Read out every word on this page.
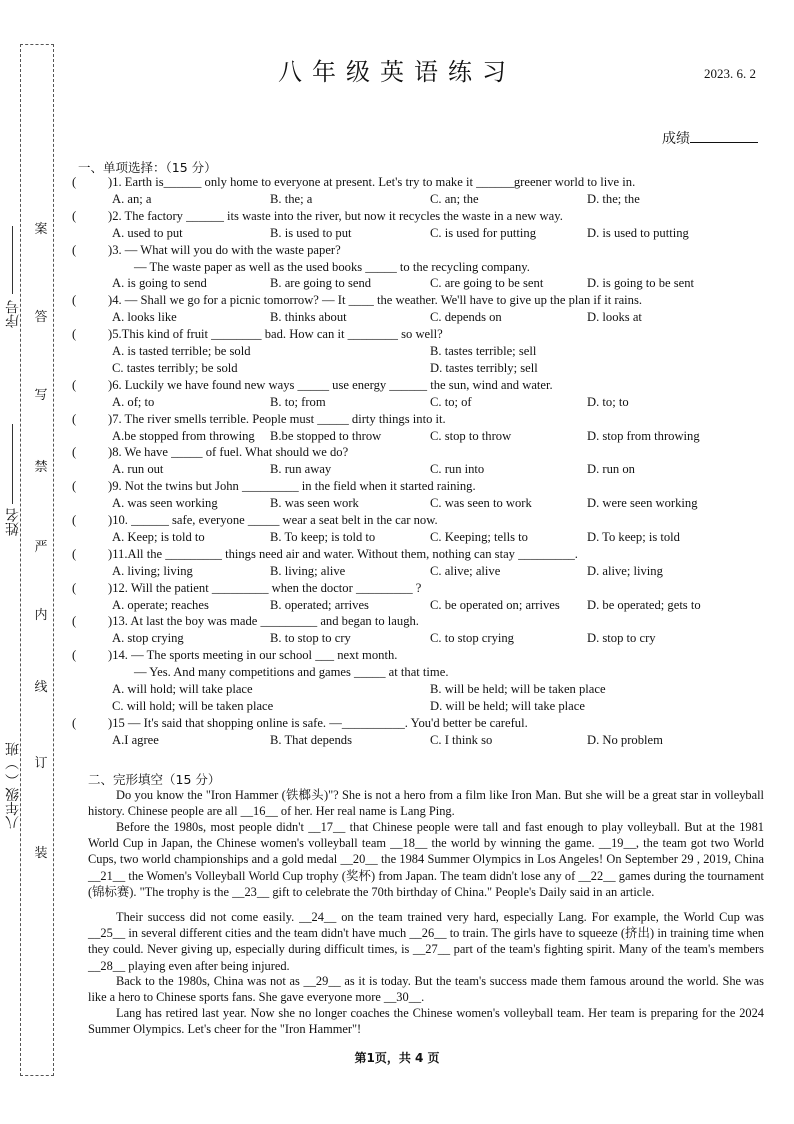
序号
姓名
八年级（ ）班
案
答
写
禁
严
内
线
订
装
八年级英语练习	2023. 6. 2
成绩
一、单项选择：（15 分）
(	)1. Earth is______ only home to everyone at present. Let's try to make it ______greener world to live in.
A. an; a	B. the; a	C. an; the	D. the; the
(	)2. The factory ______ its waste into the river, but now it recycles the waste in a new way.
A. used to put	B. is used to put	C. is used for putting	D. is used to putting
(	)3. — What will you do with the waste paper?
— The waste paper as well as the used books _____ to the recycling company.
A. is going to send	B. are going to send	C. are going to be sent	D. is going to be sent
(	)4. — Shall we go for a picnic tomorrow? — It ____ the weather. We'll have to give up the plan if it rains.
A. looks like	B. thinks about	C. depends on	D. looks at
(	)5.This kind of fruit ________ bad. How can it ________ so well?
A. is tasted terrible; be sold	B. tastes terrible; sell
C. tastes terribly; be sold	D. tastes terribly; sell
(	)6. Luckily we have found new ways _____ use energy ______ the sun, wind and water.
A. of; to	B. to; from	C. to; of	D. to; to
(	)7. The river smells terrible. People must _____ dirty things into it.
A.be stopped from throwing B.be stopped to throw	C. stop to throw	D. stop from throwing
(	)8. We have _____ of fuel. What should we do?
A. run out	B. run away	C. run into	D. run on
(	)9. Not the twins but John _________ in the field when it started raining.
A. was seen working	B. was seen work	C. was seen to work	D. were seen working
(	)10. ______ safe, everyone _____ wear a seat belt in the car now.
A. Keep; is told to	B. To keep; is told to	C. Keeping; tells to	D. To keep; is told
(	)11.All the _________ things need air and water. Without them, nothing can stay _________.
A. living; living	B. living; alive	C. alive; alive	D. alive; living
(	)12. Will the patient _________ when the doctor _________ ?
A. operate; reaches	B. operated; arrives	C. be operated on; arrives D. be operated; gets to
(	)13. At last the boy was made _________ and began to laugh.
A. stop crying	B. to stop to cry	C. to stop crying	D. stop to cry
(	)14. — The sports meeting in our school ___ next month.
— Yes. And many competitions and games _____ at that time.
A. will hold; will take place	B. will be held; will be taken place
C. will hold; will be taken place	D. will be held; will take place
(	)15 — It's said that shopping online is safe. —__________. You'd better be careful.
A.I agree	B. That depends	C. I think so	D. No problem
二、完形填空（15 分）
Do you know the "Iron Hammer (铁榔头)"? She is not a hero from a film like Iron Man. But she will be a great star in volleyball history. Chinese people are all __16__ of her. Her real name is Lang Ping.
Before the 1980s, most people didn't __17__ that Chinese people were tall and fast enough to play volleyball. But at the 1981 World Cup in Japan, the Chinese women's volleyball team __18__ the world by winning the game. __19__, the team got two World Cups, two world championships and a gold medal __20__ the 1984 Summer Olympics in Los Angeles! On September 29 , 2019, China __21__ the Women's Volleyball World Cup trophy (奖杯) from Japan. The team didn't lose any of __22__ games during the tournament (锦标赛). "The trophy is the __23__ gift to celebrate the 70th birthday of China." People's Daily said in an article.
Their success did not come easily. __24__ on the team trained very hard, especially Lang. For example, the World Cup was __25__ in several different cities and the team didn't have much __26__ to train. The girls have to squeeze (挤出) in training time when they could. Never giving up, especially during difficult times, is __27__ part of the team's fighting spirit. Many of the team's members __28__ playing even after being injured.
Back to the 1980s, China was not as __29__ as it is today. But the team's success made them famous around the world. She was like a hero to Chinese sports fans. She gave everyone more __30__.
Lang has retired last year. Now she no longer coaches the Chinese women's volleyball team. Her team is preparing for the 2024 Summer Olympics. Let's cheer for the "Iron Hammer"!
第1页，共 4 页
